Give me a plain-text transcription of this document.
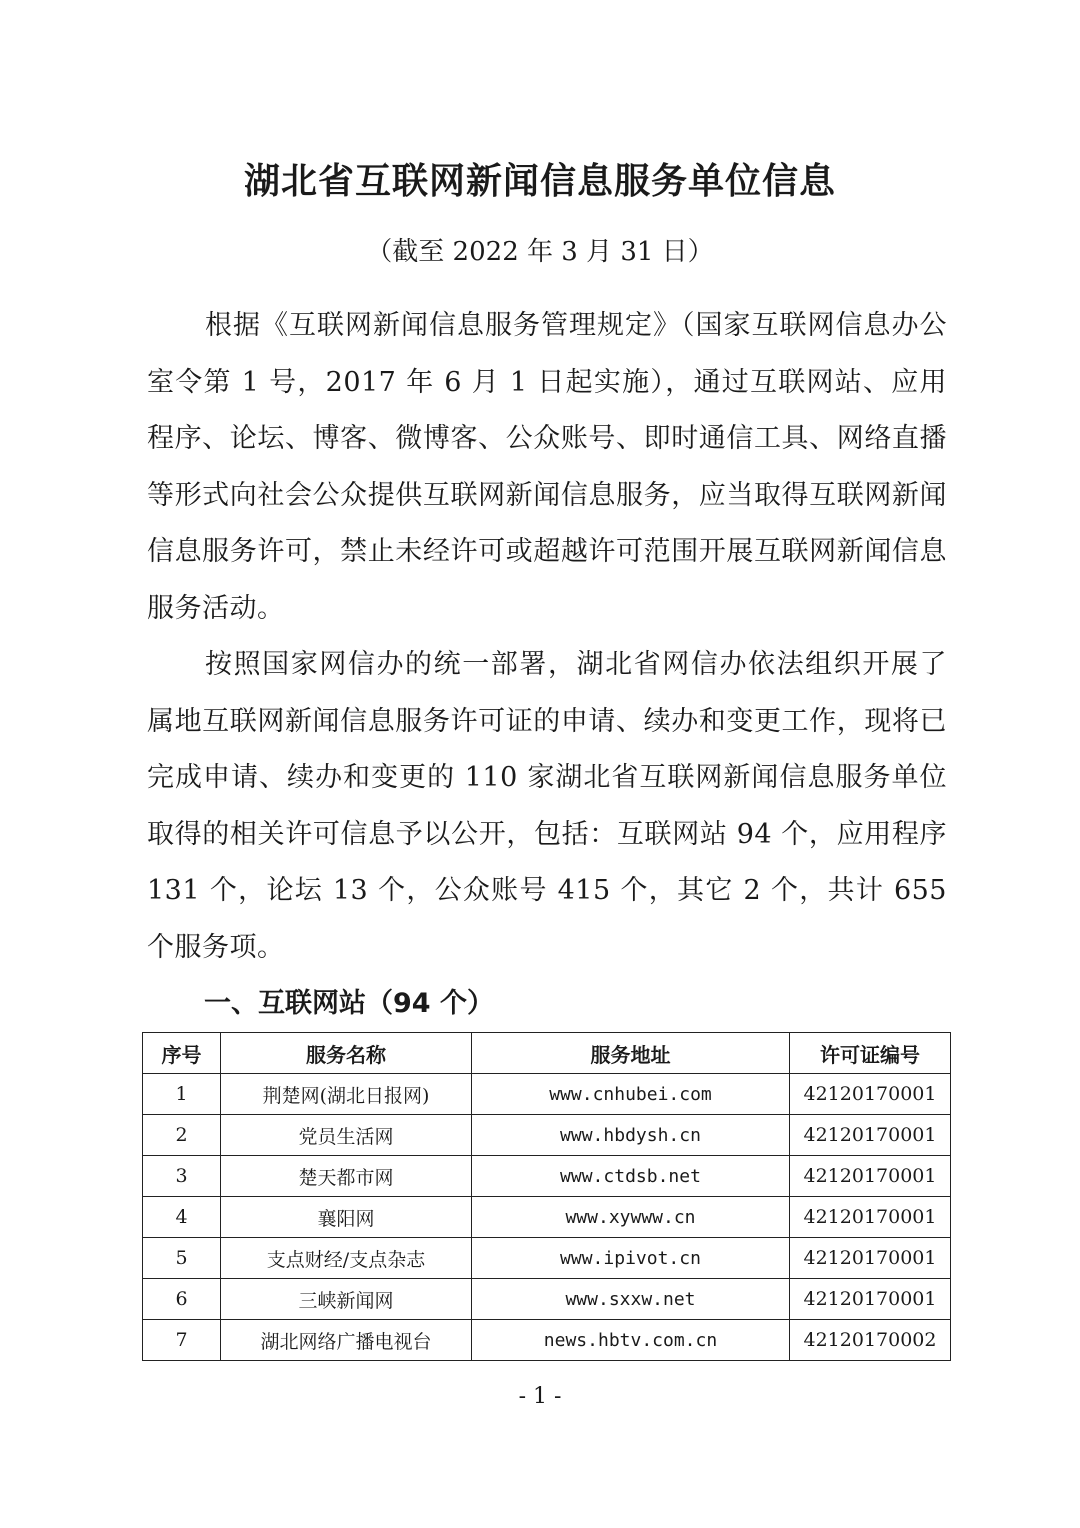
湖北省互联网新闻信息服务单位信息

（截至 2022 年 3 月 31 日）

根据《互联网新闻信息服务管理规定》（国家互联网信息办公室令第 1 号，2017 年 6 月 1 日起实施），通过互联网站、应用程序、论坛、博客、微博客、公众账号、即时通信工具、网络直播等形式向社会公众提供互联网新闻信息服务，应当取得互联网新闻信息服务许可，禁止未经许可或超越许可范围开展互联网新闻信息服务活动。

按照国家网信办的统一部署，湖北省网信办依法组织开展了属地互联网新闻信息服务许可证的申请、续办和变更工作，现将已完成申请、续办和变更的 110 家湖北省互联网新闻信息服务单位取得的相关许可信息予以公开，包括：互联网站 94 个，应用程序 131 个，论坛 13 个，公众账号 415 个，其它 2 个，共计 655 个服务项。

一、互联网站（94 个）
序号	服务名称	服务地址	许可证编号
1	荆楚网(湖北日报网)	www.cnhubei.com	42120170001
2	党员生活网	www.hbdysh.cn	42120170001
3	楚天都市网	www.ctdsb.net	42120170001
4	襄阳网	www.xywww.cn	42120170001
5	支点财经/支点杂志	www.ipivot.cn	42120170001
6	三峡新闻网	www.sxxw.net	42120170001
7	湖北网络广播电视台	news.hbtv.com.cn	42120170002

- 1 -
